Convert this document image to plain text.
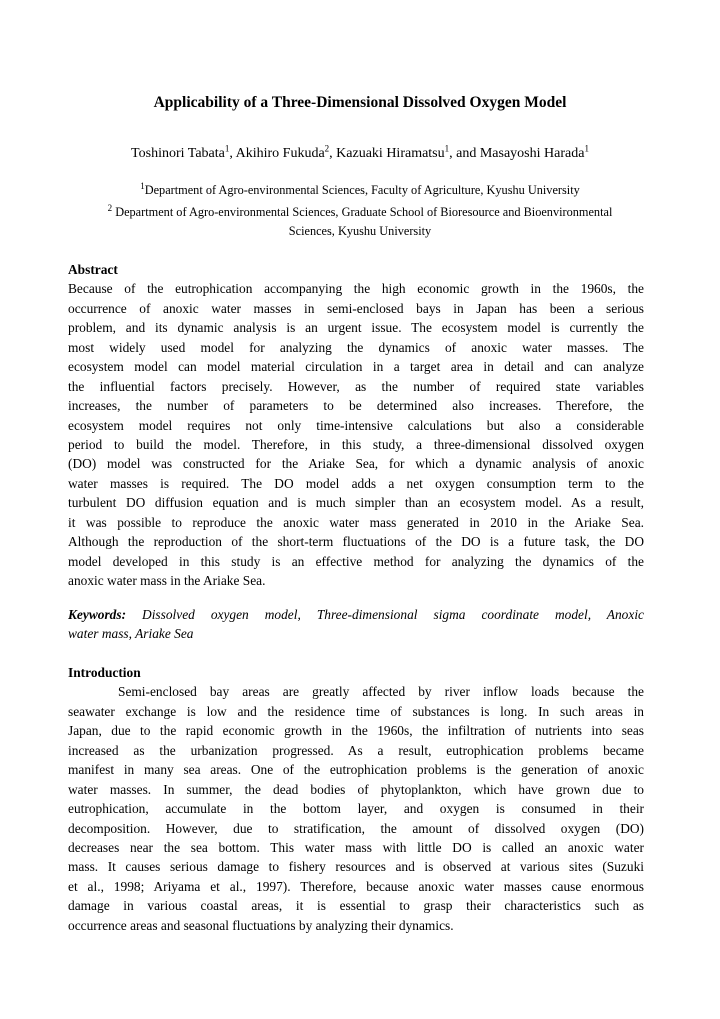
Applicability of a Three-Dimensional Dissolved Oxygen Model
Toshinori Tabata$^1$, Akihiro Fukuda$^2$, Kazuaki Hiramatsu$^1$, and Masayoshi Harada$^1$
$^1$Department of Agro-environmental Sciences, Faculty of Agriculture, Kyushu University
$^2$ Department of Agro-environmental Sciences, Graduate School of Bioresource and Bioenvironmental
Sciences, Kyushu University
Abstract
Because of the eutrophication accompanying the high economic growth in the 1960s, the
occurrence of anoxic water masses in semi-enclosed bays in Japan has been a serious
problem, and its dynamic analysis is an urgent issue. The ecosystem model is currently the
most widely used model for analyzing the dynamics of anoxic water masses. The
ecosystem model can model material circulation in a target area in detail and can analyze
the influential factors precisely. However, as the number of required state variables
increases, the number of parameters to be determined also increases. Therefore, the
ecosystem model requires not only time-intensive calculations but also a considerable
period to build the model. Therefore, in this study, a three-dimensional dissolved oxygen
(DO) model was constructed for the Ariake Sea, for which a dynamic analysis of anoxic
water masses is required. The DO model adds a net oxygen consumption term to the
turbulent DO diffusion equation and is much simpler than an ecosystem model. As a result,
it was possible to reproduce the anoxic water mass generated in 2010 in the Ariake Sea.
Although the reproduction of the short-term fluctuations of the DO is a future task, the DO
model developed in this study is an effective method for analyzing the dynamics of the
anoxic water mass in the Ariake Sea.
Keywords: Dissolved oxygen model, Three-dimensional sigma coordinate model, Anoxic
water mass, Ariake Sea
Introduction
Semi-enclosed bay areas are greatly affected by river inflow loads because the
seawater exchange is low and the residence time of substances is long. In such areas in
Japan, due to the rapid economic growth in the 1960s, the infiltration of nutrients into seas
increased as the urbanization progressed. As a result, eutrophication problems became
manifest in many sea areas. One of the eutrophication problems is the generation of anoxic
water masses. In summer, the dead bodies of phytoplankton, which have grown due to
eutrophication, accumulate in the bottom layer, and oxygen is consumed in their
decomposition. However, due to stratification, the amount of dissolved oxygen (DO)
decreases near the sea bottom. This water mass with little DO is called an anoxic water
mass. It causes serious damage to fishery resources and is observed at various sites (Suzuki
et al., 1998; Ariyama et al., 1997). Therefore, because anoxic water masses cause enormous
damage in various coastal areas, it is essential to grasp their characteristics such as
occurrence areas and seasonal fluctuations by analyzing their dynamics.
